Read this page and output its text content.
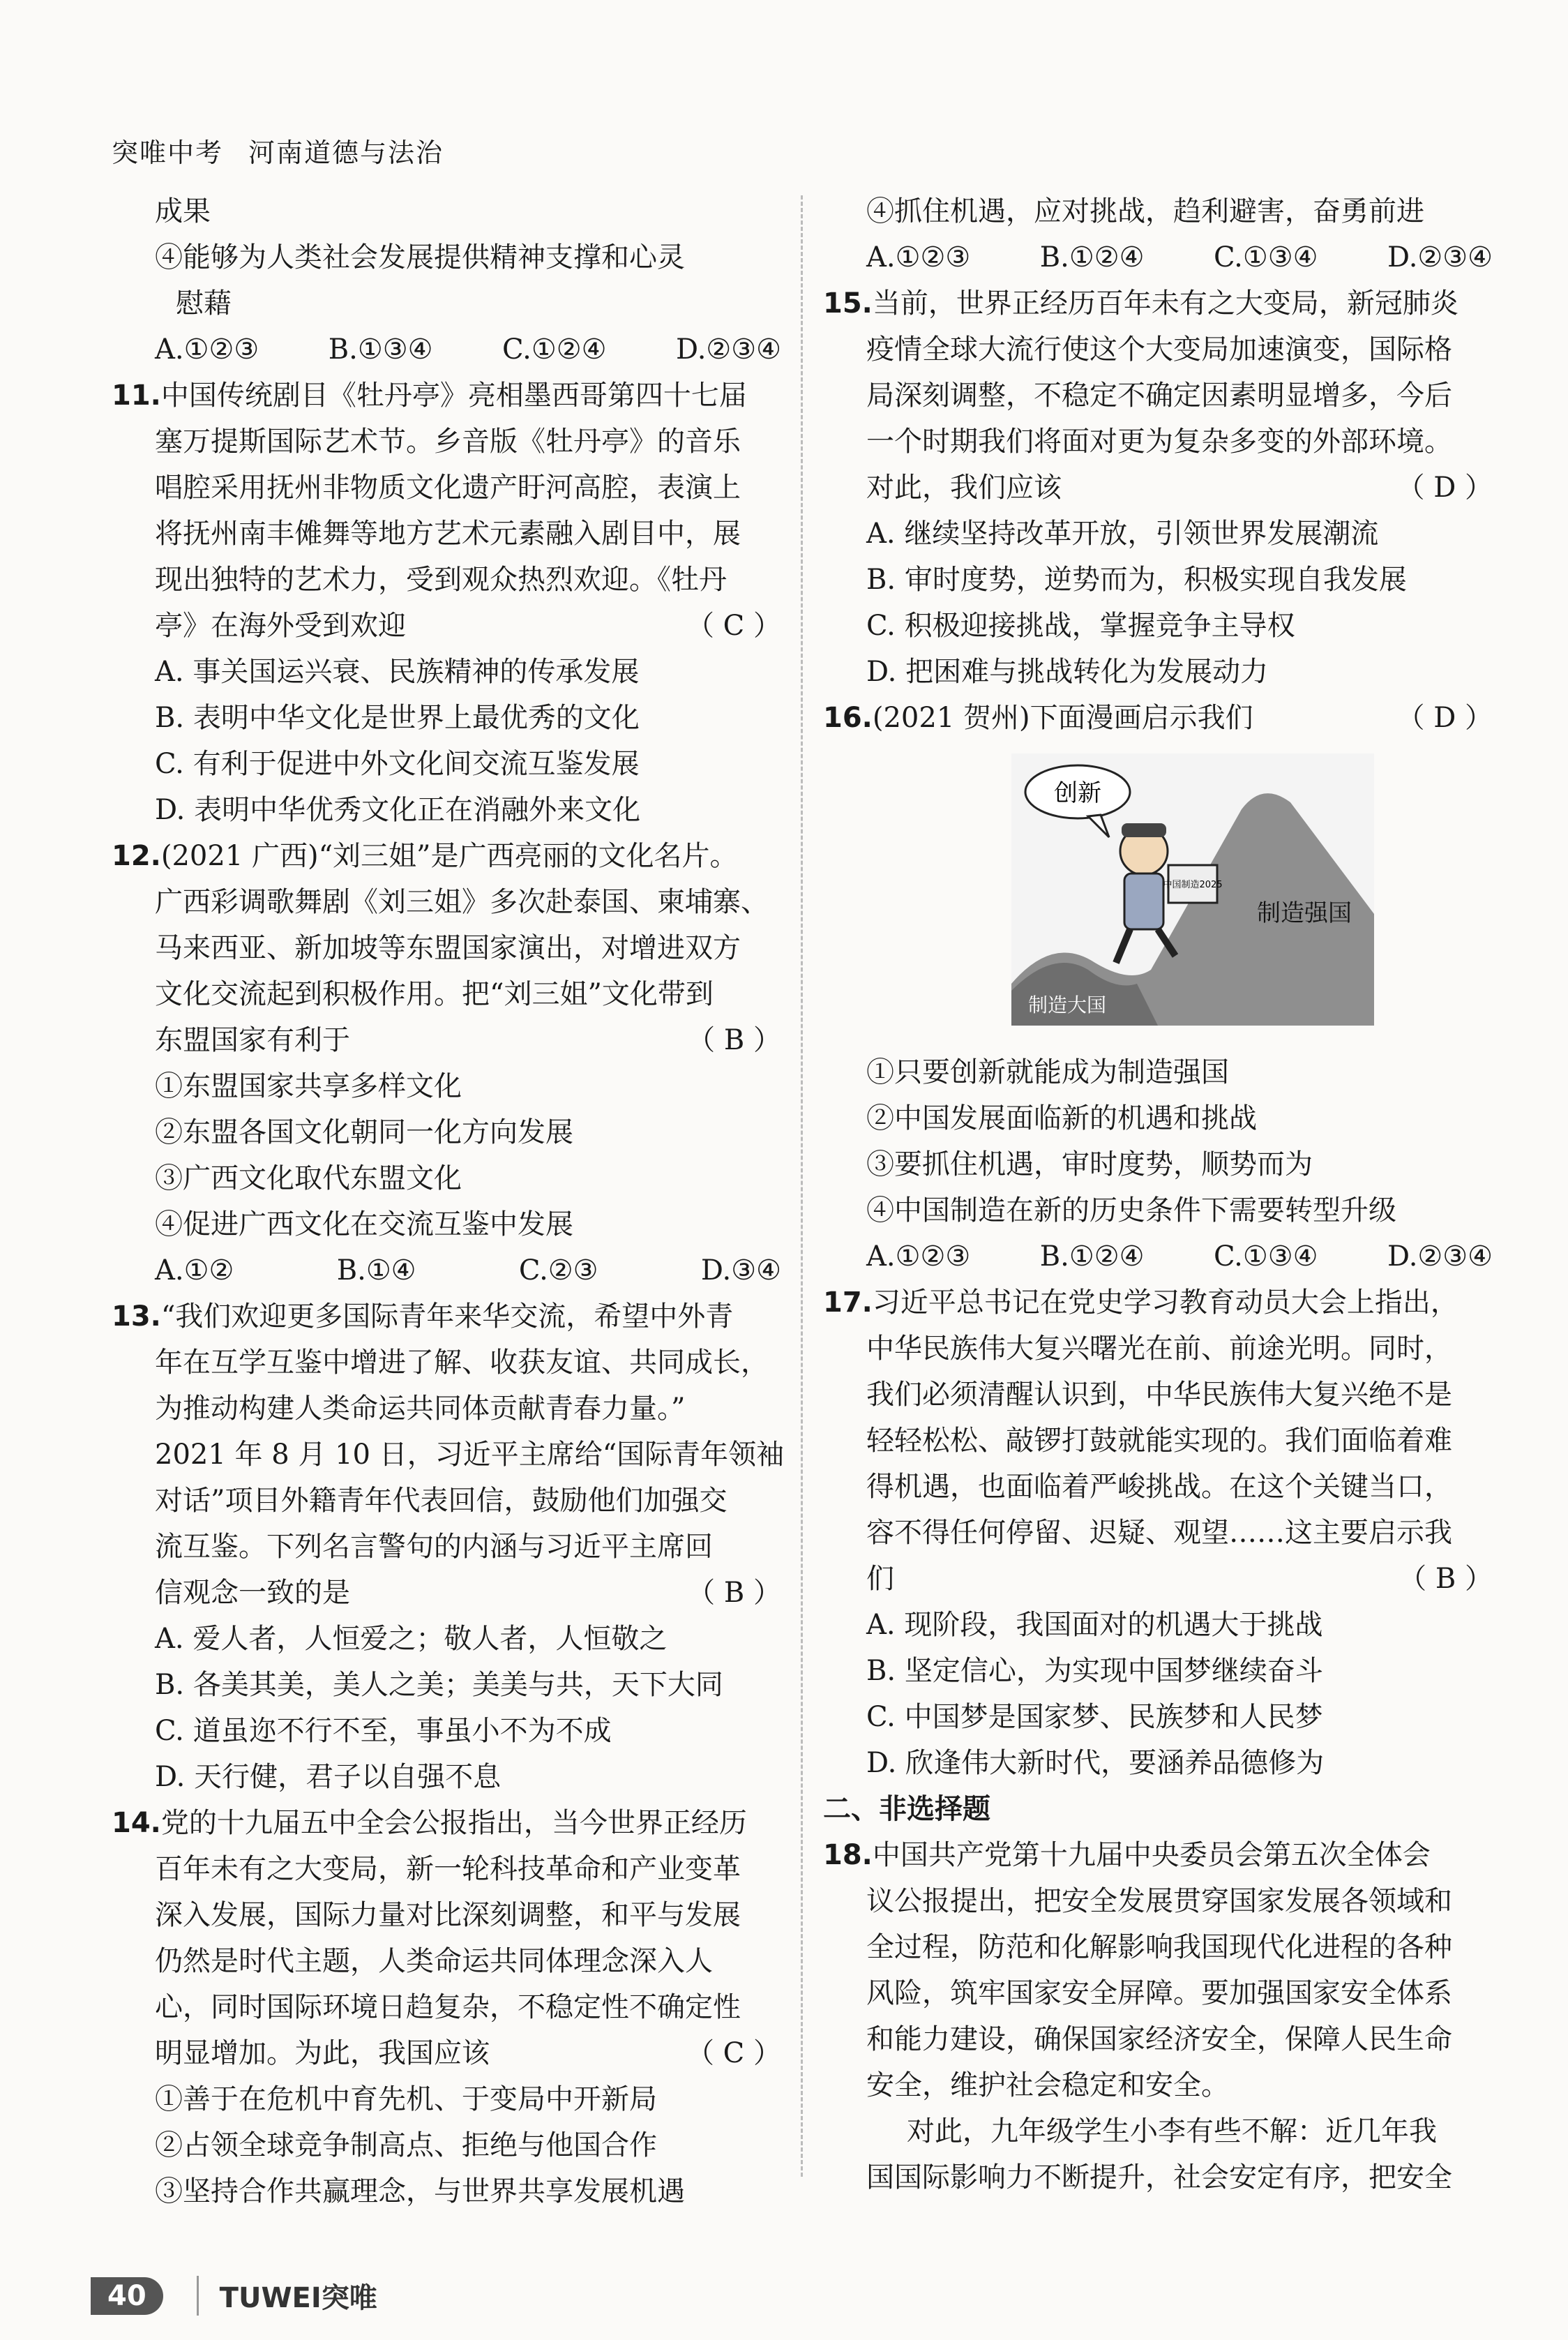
突唯中考 河南道德与法治
成果
④能够为人类社会发展提供精神支撑和心灵
慰藉
A.①②③ B.①③④ C.①②④ D.②③④
11.中国传统剧目《牡丹亭》亮相墨西哥第四十七届
塞万提斯国际艺术节。乡音版《牡丹亭》的音乐
唱腔采用抚州非物质文化遗产盱河高腔，表演上
将抚州南丰傩舞等地方艺术元素融入剧目中，展
现出独特的艺术力，受到观众热烈欢迎。《牡丹
亭》在海外受到欢迎	（ C ）
A. 事关国运兴衰、民族精神的传承发展
B. 表明中华文化是世界上最优秀的文化
C. 有利于促进中外文化间交流互鉴发展
D. 表明中华优秀文化正在消融外来文化
12.(2021 广西)“刘三姐”是广西亮丽的文化名片。
广西彩调歌舞剧《刘三姐》多次赴泰国、柬埔寨、
马来西亚、新加坡等东盟国家演出，对增进双方
文化交流起到积极作用。把“刘三姐”文化带到
东盟国家有利于	（ B ）
①东盟国家共享多样文化
②东盟各国文化朝同一化方向发展
③广西文化取代东盟文化
④促进广西文化在交流互鉴中发展
A.①②	B.①④	C.②③	D.③④
13.“我们欢迎更多国际青年来华交流，希望中外青
年在互学互鉴中增进了解、收获友谊、共同成长，
为推动构建人类命运共同体贡献青春力量。”
2021 年 8 月 10 日，习近平主席给“国际青年领袖
对话”项目外籍青年代表回信，鼓励他们加强交
流互鉴。下列名言警句的内涵与习近平主席回
信观念一致的是	（ B ）
A. 爱人者，人恒爱之；敬人者，人恒敬之
B. 各美其美，美人之美；美美与共，天下大同
C. 道虽迩不行不至，事虽小不为不成
D. 天行健，君子以自强不息
14.党的十九届五中全会公报指出，当今世界正经历
百年未有之大变局，新一轮科技革命和产业变革
深入发展，国际力量对比深刻调整，和平与发展
仍然是时代主题，人类命运共同体理念深入人
心，同时国际环境日趋复杂，不稳定性不确定性
明显增加。为此，我国应该	（ C ）
①善于在危机中育先机、于变局中开新局
②占领全球竞争制高点、拒绝与他国合作
③坚持合作共赢理念，与世界共享发展机遇
④抓住机遇，应对挑战，趋利避害，奋勇前进
A.①②③ B.①②④ C.①③④ D.②③④
15.当前，世界正经历百年未有之大变局，新冠肺炎
疫情全球大流行使这个大变局加速演变，国际格
局深刻调整，不稳定不确定因素明显增多，今后
一个时期我们将面对更为复杂多变的外部环境。
对此，我们应该	（ D ）
A. 继续坚持改革开放，引领世界发展潮流
B. 审时度势，逆势而为，积极实现自我发展
C. 积极迎接挑战，掌握竞争主导权
D. 把困难与挑战转化为发展动力
16.(2021 贺州)下面漫画启示我们	（ D ）
创新
中国制造2025
制造强国
制造大国
①只要创新就能成为制造强国
②中国发展面临新的机遇和挑战
③要抓住机遇，审时度势，顺势而为
④中国制造在新的历史条件下需要转型升级
A.①②③ B.①②④ C.①③④ D.②③④
17.习近平总书记在党史学习教育动员大会上指出，
中华民族伟大复兴曙光在前、前途光明。同时，
我们必须清醒认识到，中华民族伟大复兴绝不是
轻轻松松、敲锣打鼓就能实现的。我们面临着难
得机遇，也面临着严峻挑战。在这个关键当口，
容不得任何停留、迟疑、观望……这主要启示我
们	（ B ）
A. 现阶段，我国面对的机遇大于挑战
B. 坚定信心，为实现中国梦继续奋斗
C. 中国梦是国家梦、民族梦和人民梦
D. 欣逢伟大新时代，要涵养品德修为
二、非选择题
18.中国共产党第十九届中央委员会第五次全体会
议公报提出，把安全发展贯穿国家发展各领域和
全过程，防范和化解影响我国现代化进程的各种
风险，筑牢国家安全屏障。要加强国家安全体系
和能力建设，确保国家经济安全，保障人民生命
安全，维护社会稳定和安全。
对此，九年级学生小李有些不解：近几年我
国国际影响力不断提升，社会安定有序，把安全
40	TUWEI突唯
